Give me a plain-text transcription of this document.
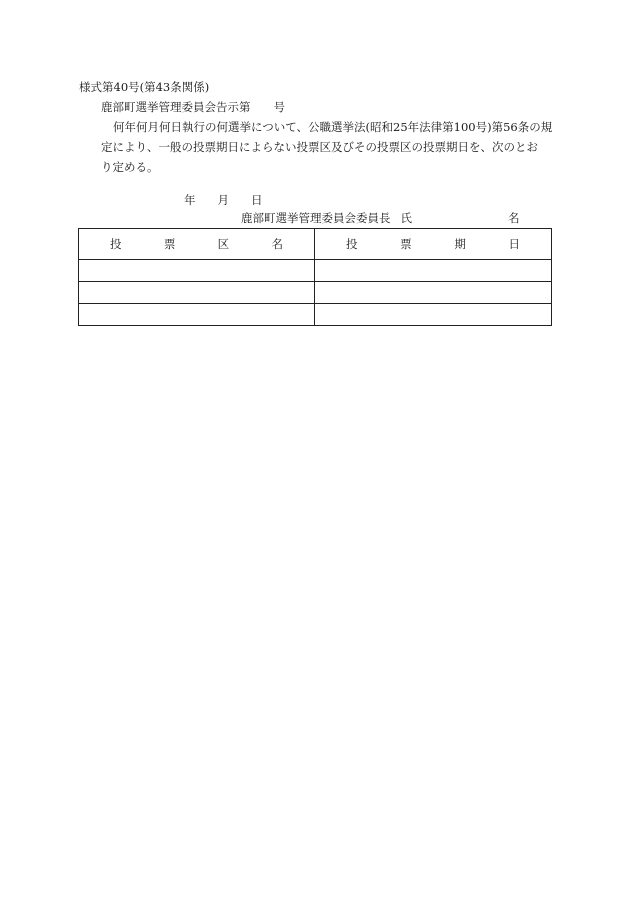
様式第40号(第43条関係)
鹿部町選挙管理委員会告示第　　号
何年何月何日執行の何選挙について、公職選挙法(昭和25年法律第100号)第56条の規
定により、一般の投票期日によらない投票区及びその投票区の投票期日を、次のとお
り定める。
年 月 日
鹿部町選挙管理委員会委員長 氏	名
投 票 区 名	投 票 期 日
